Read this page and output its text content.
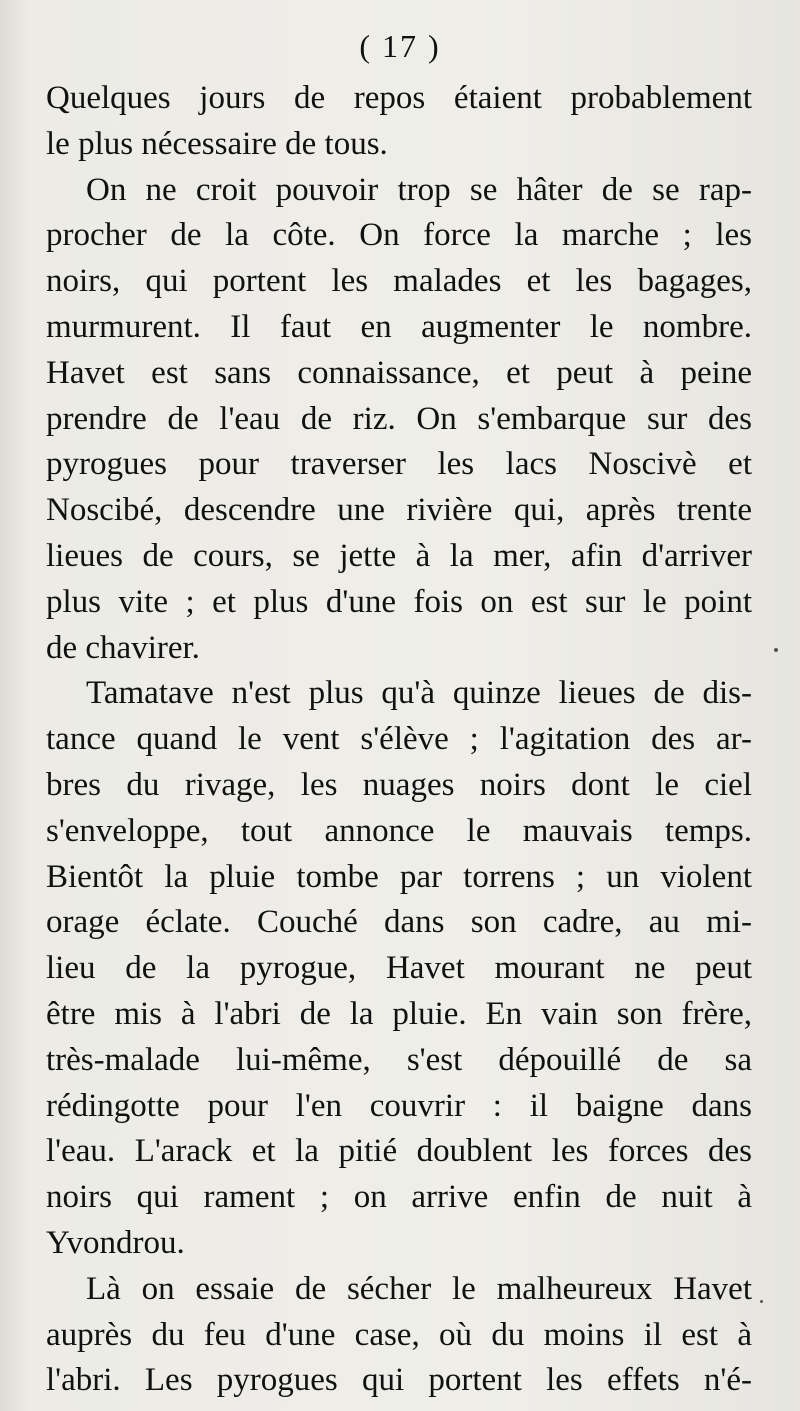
( 17 )
Quelques jours de repos étaient probablement
le plus nécessaire de tous.
On ne croit pouvoir trop se hâter de se rap-
procher de la côte. On force la marche ; les
noirs, qui portent les malades et les bagages,
murmurent. Il faut en augmenter le nombre.
Havet est sans connaissance, et peut à peine
prendre de l'eau de riz. On s'embarque sur des
pyrogues pour traverser les lacs Noscivè et
Noscibé, descendre une rivière qui, après trente
lieues de cours, se jette à la mer, afin d'arriver
plus vite ; et plus d'une fois on est sur le point
de chavirer.
Tamatave n'est plus qu'à quinze lieues de dis-
tance quand le vent s'élève ; l'agitation des ar-
bres du rivage, les nuages noirs dont le ciel
s'enveloppe, tout annonce le mauvais temps.
Bientôt la pluie tombe par torrens ; un violent
orage éclate. Couché dans son cadre, au mi-
lieu de la pyrogue, Havet mourant ne peut
être mis à l'abri de la pluie. En vain son frère,
très-malade lui-même, s'est dépouillé de sa
rédingotte pour l'en couvrir : il baigne dans
l'eau. L'arack et la pitié doublent les forces des
noirs qui rament ; on arrive enfin de nuit à
Yvondrou.
Là on essaie de sécher le malheureux Havet
auprès du feu d'une case, où du moins il est à
l'abri. Les pyrogues qui portent les effets n'é-
